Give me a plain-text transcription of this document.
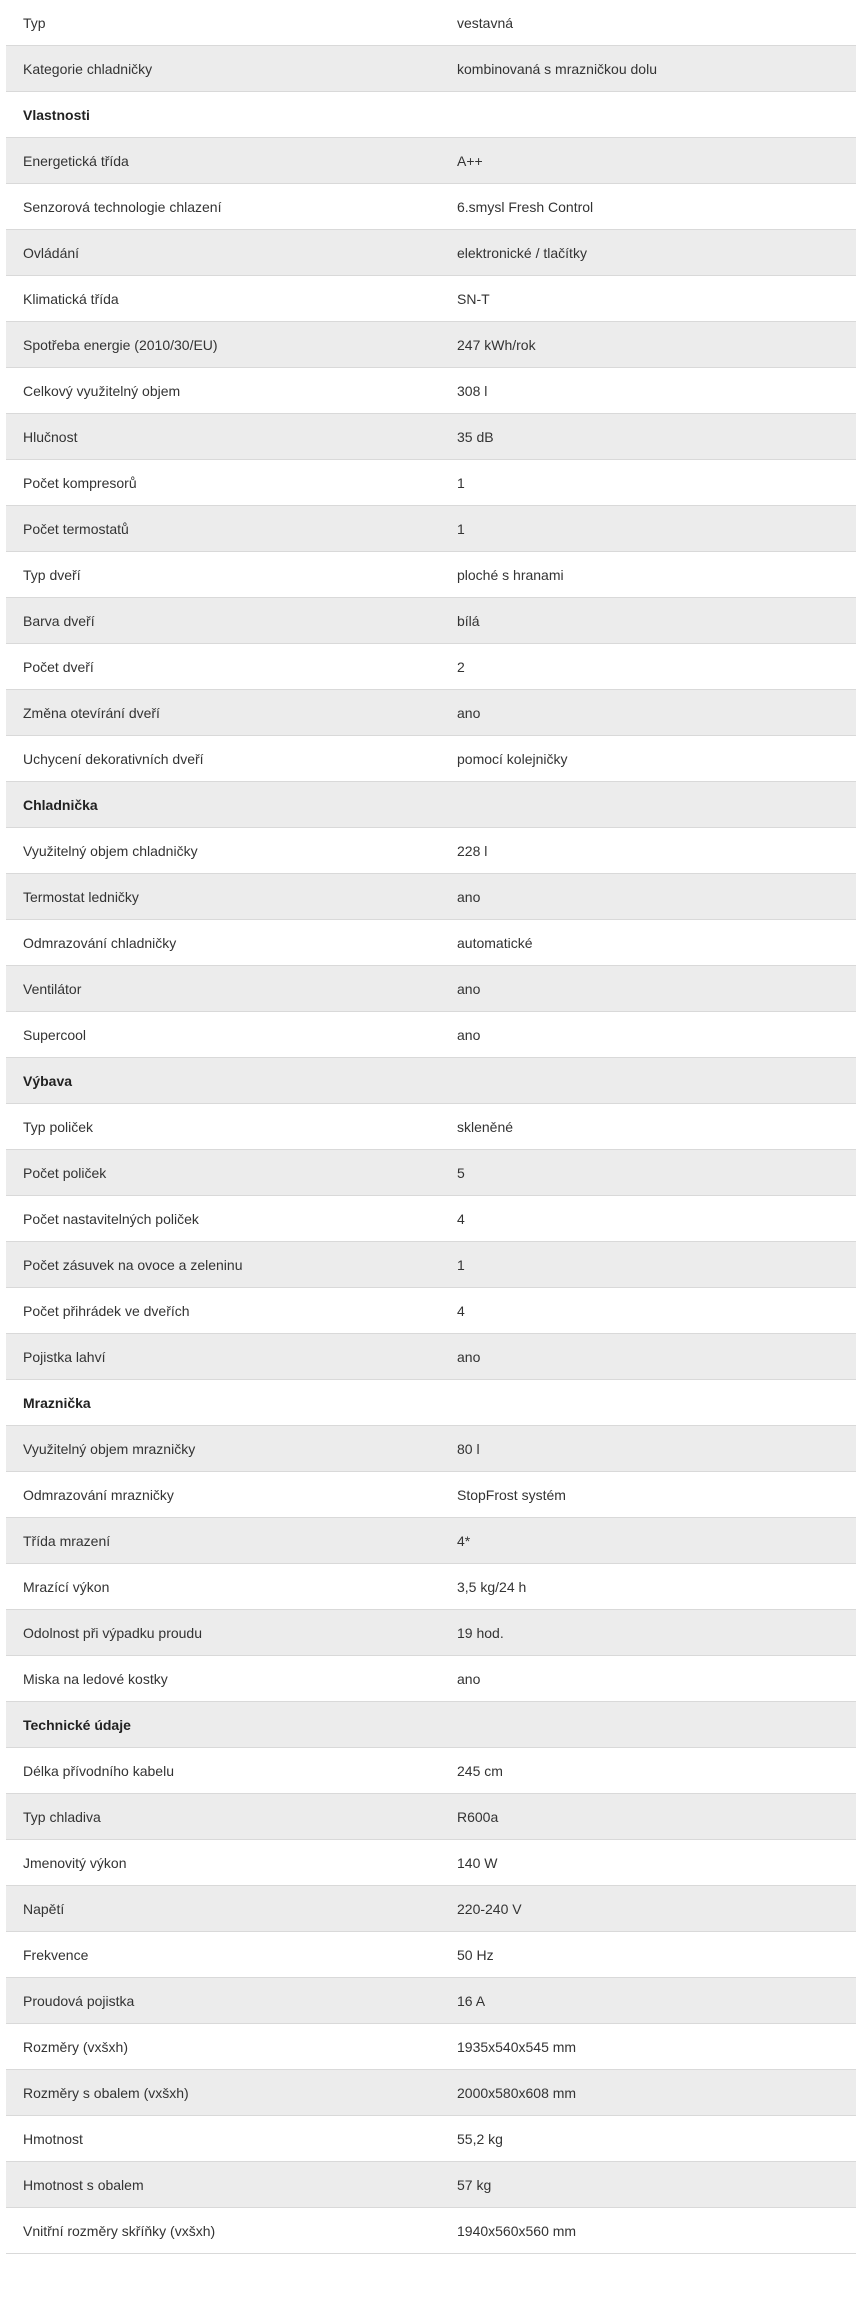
Typ	vestavná
Kategorie chladničky	kombinovaná s mrazničkou dolu
Vlastnosti
Energetická třída	A++
Senzorová technologie chlazení	6.smysl Fresh Control
Ovládání	elektronické / tlačítky
Klimatická třída	SN-T
Spotřeba energie (2010/30/EU)	247 kWh/rok
Celkový využitelný objem	308 l
Hlučnost	35 dB
Počet kompresorů	1
Počet termostatů	1
Typ dveří	ploché s hranami
Barva dveří	bílá
Počet dveří	2
Změna otevírání dveří	ano
Uchycení dekorativních dveří	pomocí kolejničky
Chladnička
Využitelný objem chladničky	228 l
Termostat ledničky	ano
Odmrazování chladničky	automatické
Ventilátor	ano
Supercool	ano
Výbava
Typ poliček	skleněné
Počet poliček	5
Počet nastavitelných poliček	4
Počet zásuvek na ovoce a zeleninu	1
Počet přihrádek ve dveřích	4
Pojistka lahví	ano
Mraznička
Využitelný objem mrazničky	80 l
Odmrazování mrazničky	StopFrost systém
Třída mrazení	4*
Mrazící výkon	3,5 kg/24 h
Odolnost při výpadku proudu	19 hod.
Miska na ledové kostky	ano
Technické údaje
Délka přívodního kabelu	245 cm
Typ chladiva	R600a
Jmenovitý výkon	140 W
Napětí	220-240 V
Frekvence	50 Hz
Proudová pojistka	16 A
Rozměry (vxšxh)	1935x540x545 mm
Rozměry s obalem (vxšxh)	2000x580x608 mm
Hmotnost	55,2 kg
Hmotnost s obalem	57 kg
Vnitřní rozměry skříňky (vxšxh)	1940x560x560 mm
